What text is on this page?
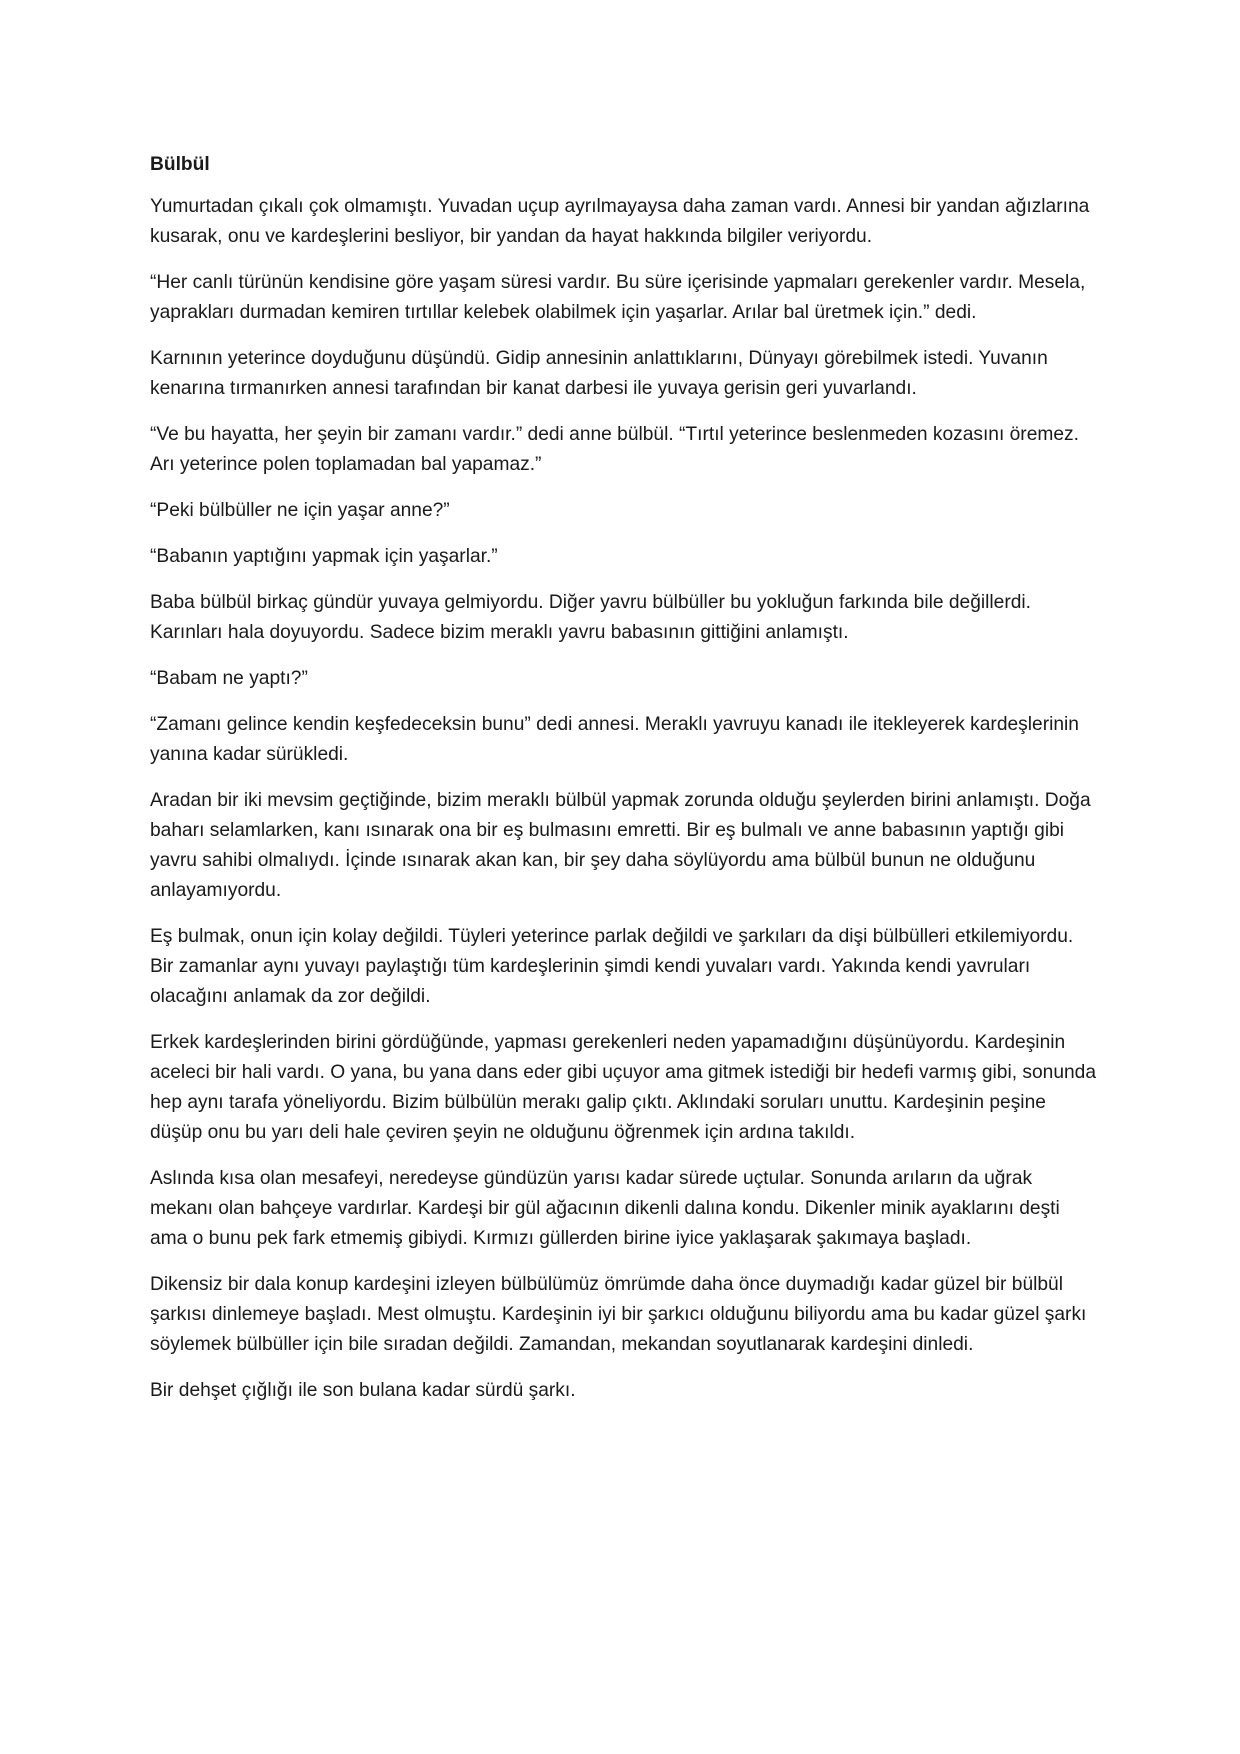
Bülbül

Yumurtadan çıkalı çok olmamıştı. Yuvadan uçup ayrılmayaysa daha zaman vardı. Annesi bir yandan ağızlarına kusarak, onu ve kardeşlerini besliyor, bir yandan da hayat hakkında bilgiler veriyordu.

“Her canlı türünün kendisine göre yaşam süresi vardır. Bu süre içerisinde yapmaları gerekenler vardır. Mesela, yaprakları durmadan kemiren tırtıllar kelebek olabilmek için yaşarlar. Arılar bal üretmek için.” dedi.

Karnının yeterince doyduğunu düşündü. Gidip annesinin anlattıklarını, Dünyayı görebilmek istedi. Yuvanın kenarına tırmanırken annesi tarafından bir kanat darbesi ile yuvaya gerisin geri yuvarlandı.

“Ve bu hayatta, her şeyin bir zamanı vardır.” dedi anne bülbül. “Tırtıl yeterince beslenmeden kozasını öremez. Arı yeterince polen toplamadan bal yapamaz.”

“Peki bülbüller ne için yaşar anne?”

“Babanın yaptığını yapmak için yaşarlar.”

Baba bülbül birkaç gündür yuvaya gelmiyordu. Diğer yavru bülbüller bu yokluğun farkında bile değillerdi. Karınları hala doyuyordu. Sadece bizim meraklı yavru babasının gittiğini anlamıştı.

“Babam ne yaptı?”

“Zamanı gelince kendin keşfedeceksin bunu” dedi annesi. Meraklı yavruyu kanadı ile itekleyerek kardeşlerinin yanına kadar sürükledi.

Aradan bir iki mevsim geçtiğinde, bizim meraklı bülbül yapmak zorunda olduğu şeylerden birini anlamıştı. Doğa baharı selamlarken, kanı ısınarak ona bir eş bulmasını emretti. Bir eş bulmalı ve anne babasının yaptığı gibi yavru sahibi olmalıydı. İçinde ısınarak akan kan, bir şey daha söylüyordu ama bülbül bunun ne olduğunu anlayamıyordu.

Eş bulmak, onun için kolay değildi. Tüyleri yeterince parlak değildi ve şarkıları da dişi bülbülleri etkilemiyordu. Bir zamanlar aynı yuvayı paylaştığı tüm kardeşlerinin şimdi kendi yuvaları vardı. Yakında kendi yavruları olacağını anlamak da zor değildi.

Erkek kardeşlerinden birini gördüğünde, yapması gerekenleri neden yapamadığını düşünüyordu. Kardeşinin aceleci bir hali vardı. O yana, bu yana dans eder gibi uçuyor ama gitmek istediği bir hedefi varmış gibi, sonunda hep aynı tarafa yöneliyordu. Bizim bülbülün merakı galip çıktı. Aklındaki soruları unuttu. Kardeşinin peşine düşüp onu bu yarı deli hale çeviren şeyin ne olduğunu öğrenmek için ardına takıldı.

Aslında kısa olan mesafeyi, neredeyse gündüzün yarısı kadar sürede uçtular. Sonunda arıların da uğrak mekanı olan bahçeye vardırlar. Kardeşi bir gül ağacının dikenli dalına kondu. Dikenler minik ayaklarını deşti ama o bunu pek fark etmemiş gibiydi. Kırmızı güllerden birine iyice yaklaşarak şakımaya başladı.

Dikensiz bir dala konup kardeşini izleyen bülbülümüz ömrümde daha önce duymadığı kadar güzel bir bülbül şarkısı dinlemeye başladı. Mest olmuştu. Kardeşinin iyi bir şarkıcı olduğunu biliyordu ama bu kadar güzel şarkı söylemek bülbüller için bile sıradan değildi. Zamandan, mekandan soyutlanarak kardeşini dinledi.

Bir dehşet çığlığı ile son bulana kadar sürdü şarkı.
